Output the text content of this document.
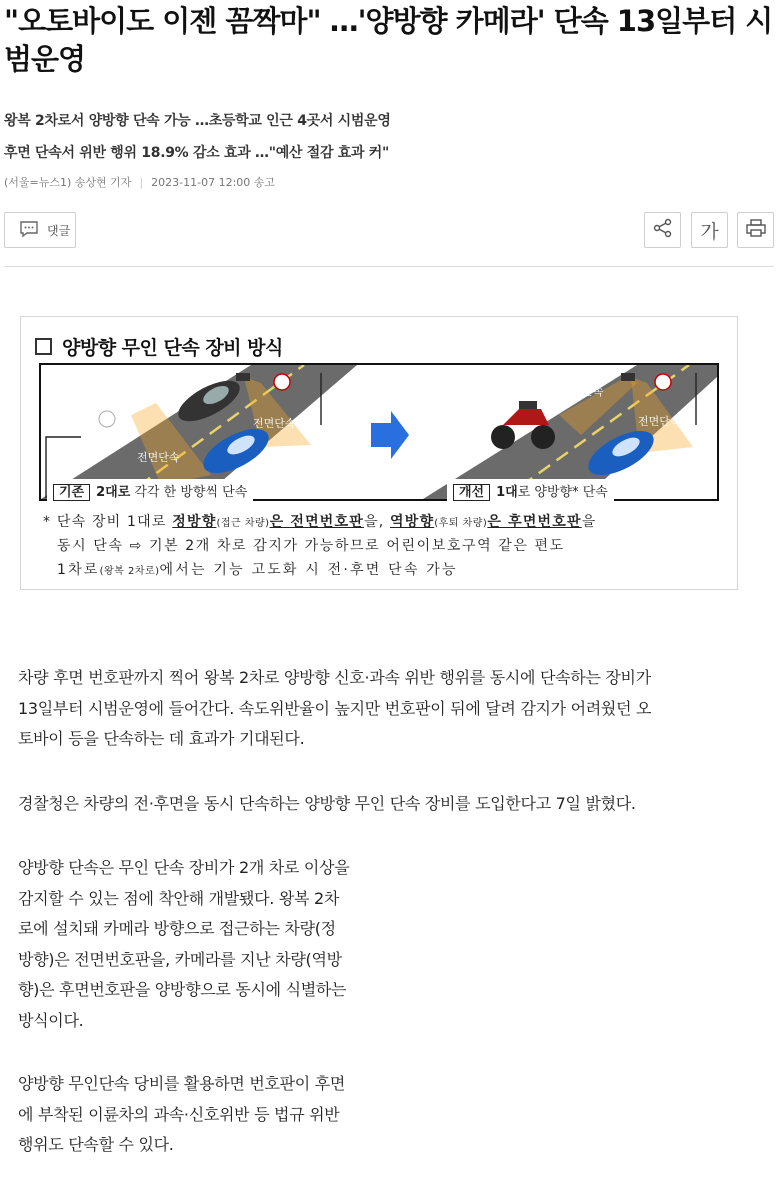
"오토바이도 이젠 꼼짝마" …'양방향 카메라' 단속 13일부터 시범운영
왕복 2차로서 양방향 단속 가능 …초등학교 인근 4곳서 시범운영
후면 단속서 위반 행위 18.9% 감소 효과 …"예산 절감 효과 커"
(서울=뉴스1) 송상현 기자 | 2023-11-07 12:00 송고
댓글	가
양방향 무인 단속 장비 방식
전면단속
전면단속
후면단속
전면단속
기존 2대로 각각 한 방향씩 단속	개선 1대로 양방향* 단속
* 단속 장비 1대로 정방향(접근 차량)은 전면번호판을, 역방향(후퇴 차량)은 후면번호판을
동시 단속 ⇨ 기본 2개 차로 감지가 가능하므로 어린이보호구역 같은 편도
1차로(왕복 2차로)에서는 기능 고도화 시 전·후면 단속 가능
차량 후면 번호판까지 찍어 왕복 2차로 양방향 신호·과속 위반 행위를 동시에 단속하는 장비가
13일부터 시범운영에 들어간다. 속도위반율이 높지만 번호판이 뒤에 달려 감지가 어려웠던 오
토바이 등을 단속하는 데 효과가 기대된다.
경찰청은 차량의 전·후면을 동시 단속하는 양방향 무인 단속 장비를 도입한다고 7일 밝혔다.
양방향 단속은 무인 단속 장비가 2개 차로 이상을
감지할 수 있는 점에 착안해 개발됐다. 왕복 2차
로에 설치돼 카메라 방향으로 접근하는 차량(정
방향)은 전면번호판을, 카메라를 지난 차량(역방
향)은 후면번호판을 양방향으로 동시에 식별하는
방식이다.
양방향 무인단속 당비를 활용하면 번호판이 후면
에 부착된 이륜차의 과속·신호위반 등 법규 위반
행위도 단속할 수 있다.
